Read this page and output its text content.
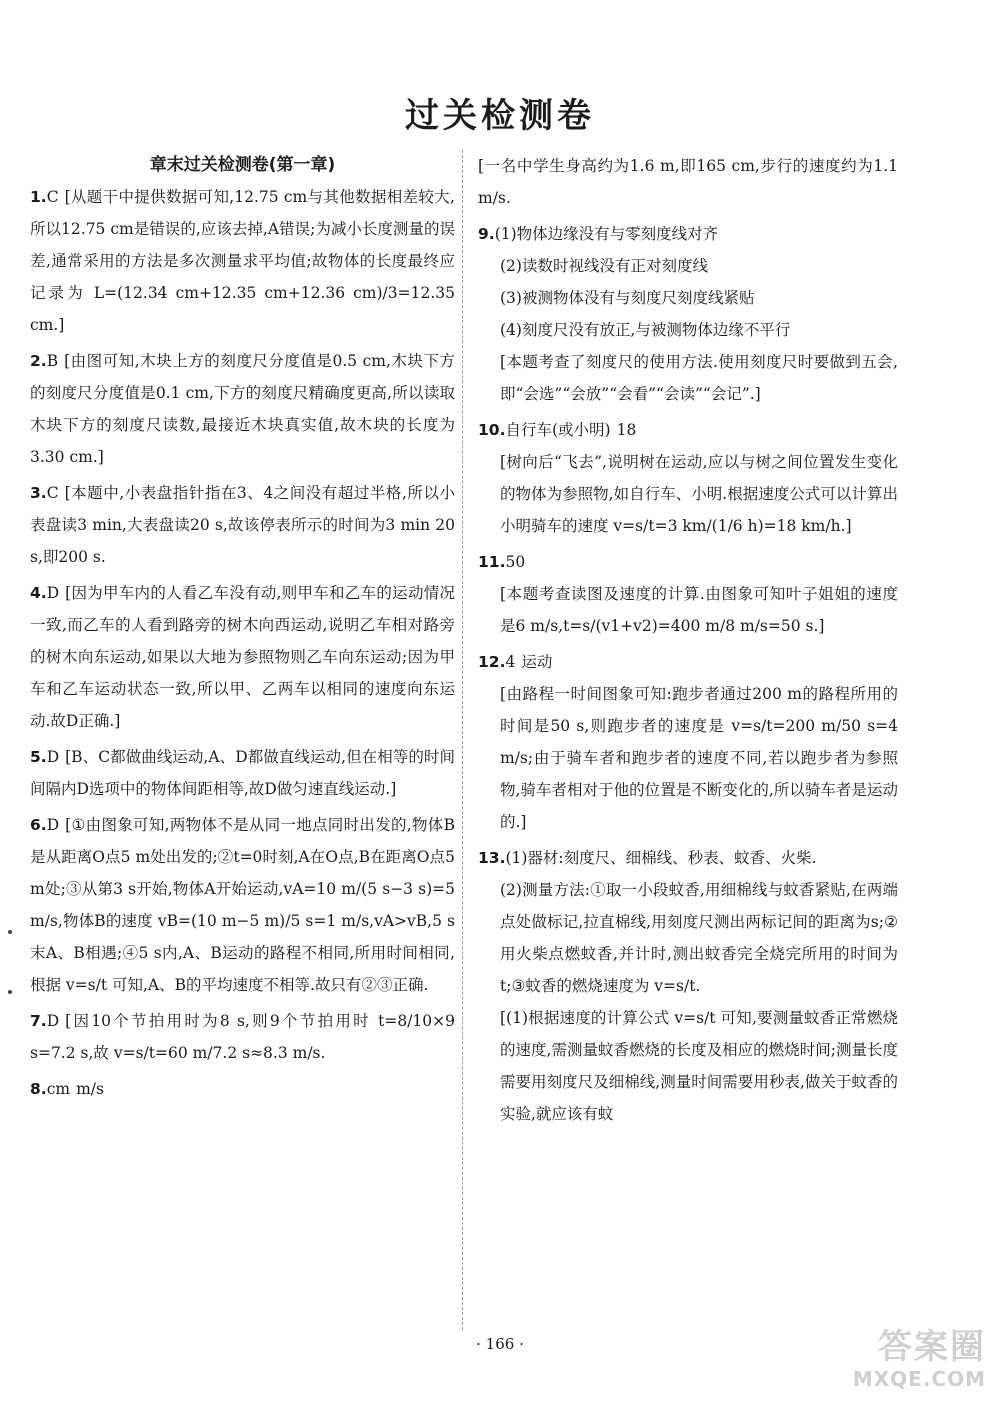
过关检测卷
章末过关检测卷(第一章)
1.C [从题干中提供数据可知,12.75 cm与其他数据相差较大,所以12.75 cm是错误的,应该去掉,A错误;为减小长度测量的误差,通常采用的方法是多次测量求平均值;故物体的长度最终应记录为 L=(12.34 cm+12.35 cm+12.36 cm)/3=12.35 cm.]
2.B [由图可知,木块上方的刻度尺分度值是0.5 cm,木块下方的刻度尺分度值是0.1 cm,下方的刻度尺精确度更高,所以读取木块下方的刻度尺读数,最接近木块真实值,故木块的长度为3.30 cm.]
3.C [本题中,小表盘指针指在3、4之间没有超过半格,所以小表盘读3 min,大表盘读20 s,故该停表所示的时间为3 min 20 s,即200 s.
4.D [因为甲车内的人看乙车没有动,则甲车和乙车的运动情况一致,而乙车的人看到路旁的树木向西运动,说明乙车相对路旁的树木向东运动,如果以大地为参照物则乙车向东运动;因为甲车和乙车运动状态一致,所以甲、乙两车以相同的速度向东运动.故D正确.]
5.D [B、C都做曲线运动,A、D都做直线运动,但在相等的时间间隔内D选项中的物体间距相等,故D做匀速直线运动.]
6.D [①由图象可知,两物体不是从同一地点同时出发的,物体B是从距离O点5 m处出发的;②t=0时刻,A在O点,B在距离O点5 m处;③从第3 s开始,物体A开始运动,vA=10 m/(5 s−3 s)=5 m/s,物体B的速度 vB=(10 m−5 m)/5 s=1 m/s,vA>vB,5 s末A、B相遇;④5 s内,A、B运动的路程不相同,所用时间相同,根据 v=s/t 可知,A、B的平均速度不相等.故只有②③正确.
7.D [因10个节拍用时为8 s,则9个节拍用时 t=8/10×9 s=7.2 s,故 v=s/t=60 m/7.2 s≈8.3 m/s.
8.cm m/s
[一名中学生身高约为1.6 m,即165 cm,步行的速度约为1.1 m/s.
9.(1)物体边缘没有与零刻度线对齐
(2)读数时视线没有正对刻度线
(3)被测物体没有与刻度尺刻度线紧贴
(4)刻度尺没有放正,与被测物体边缘不平行
[本题考查了刻度尺的使用方法.使用刻度尺时要做到五会,即“会选”“会放”“会看”“会读”“会记”.]
10.自行车(或小明) 18
[树向后“飞去”,说明树在运动,应以与树之间位置发生变化的物体为参照物,如自行车、小明.根据速度公式可以计算出小明骑车的速度 v=s/t=3 km/(1/6 h)=18 km/h.]
11.50
[本题考查读图及速度的计算.由图象可知叶子姐姐的速度是6 m/s,t=s/(v1+v2)=400 m/8 m/s=50 s.]
12.4 运动
[由路程一时间图象可知:跑步者通过200 m的路程所用的时间是50 s,则跑步者的速度是 v=s/t=200 m/50 s=4 m/s;由于骑车者和跑步者的速度不同,若以跑步者为参照物,骑车者相对于他的位置是不断变化的,所以骑车者是运动的.]
13.(1)器材:刻度尺、细棉线、秒表、蚊香、火柴.
(2)测量方法:①取一小段蚊香,用细棉线与蚊香紧贴,在两端点处做标记,拉直棉线,用刻度尺测出两标记间的距离为s;②用火柴点燃蚊香,并计时,测出蚊香完全烧完所用的时间为t;③蚊香的燃烧速度为 v=s/t.
[(1)根据速度的计算公式 v=s/t 可知,要测量蚊香正常燃烧的速度,需测量蚊香燃烧的长度及相应的燃烧时间;测量长度需要用刻度尺及细棉线,测量时间需要用秒表,做关于蚊香的实验,就应该有蚊
· 166 ·	答案圈
MXQE.COM
